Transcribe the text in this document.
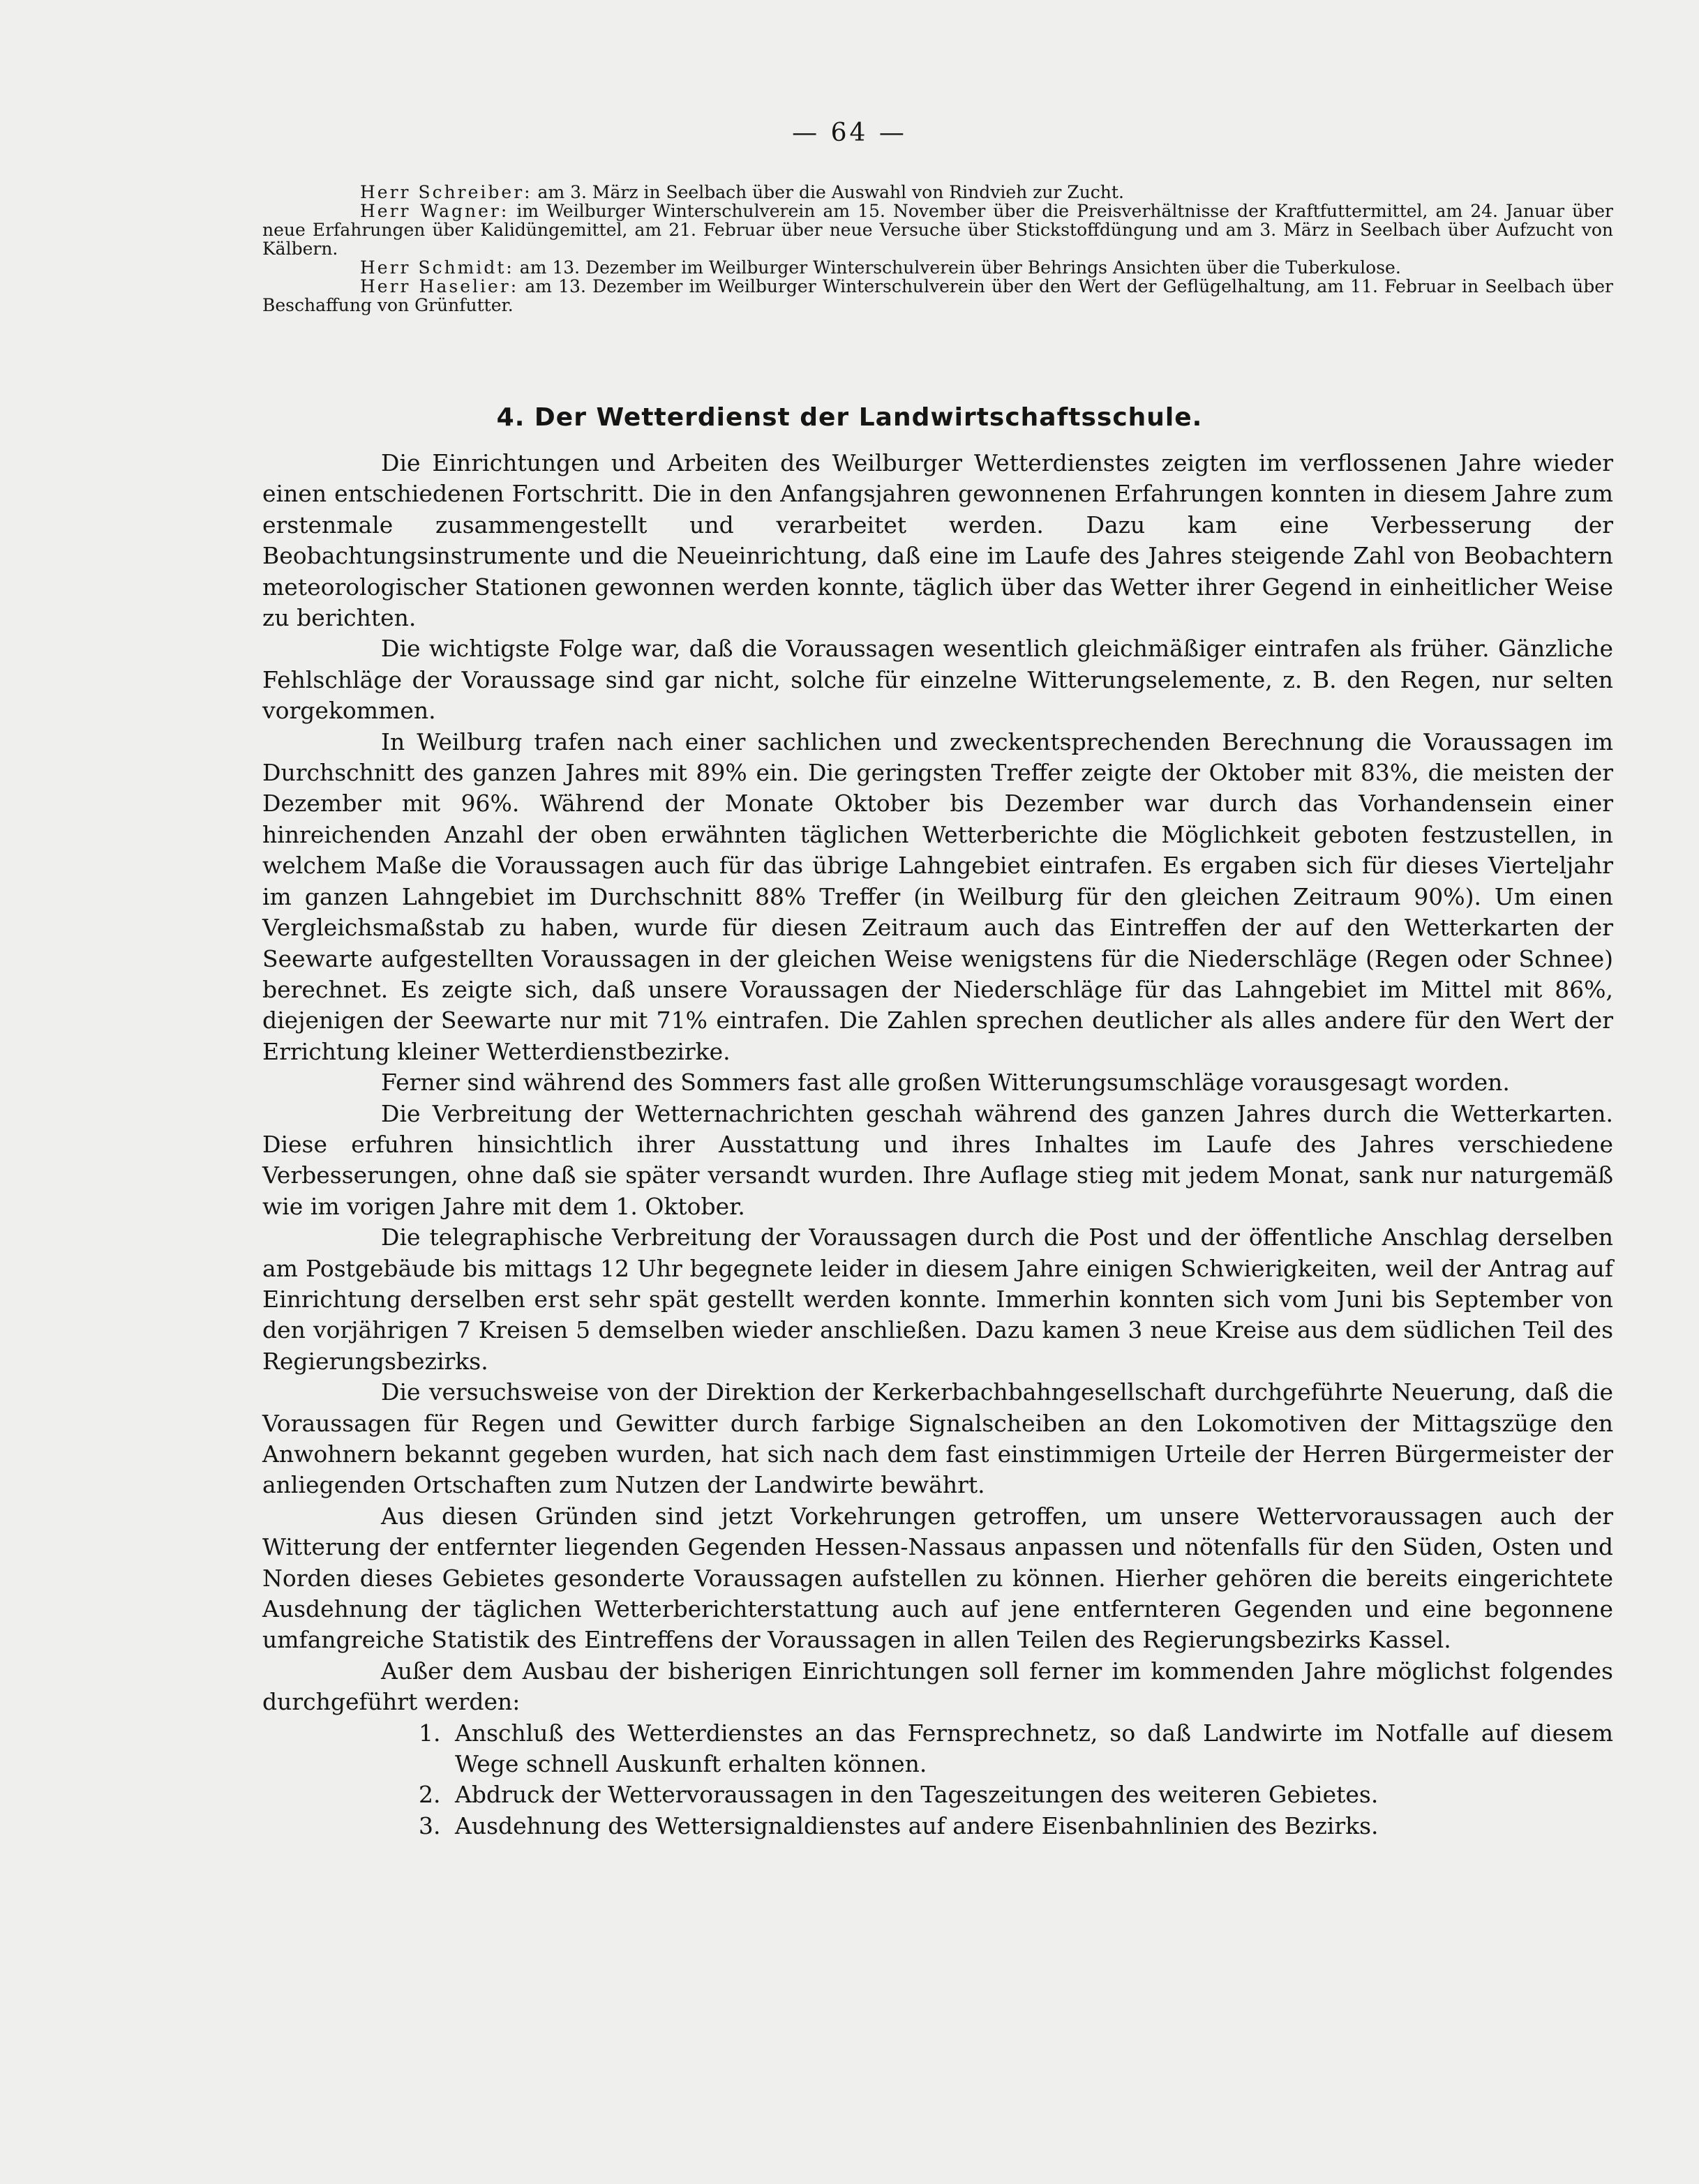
— 64 —

Herr Schreiber: am 3. März in Seelbach über die Auswahl von Rindvieh zur Zucht.

Herr Wagner: im Weilburger Winterschulverein am 15. November über die Preisverhältnisse der Kraftfuttermittel, am 24. Januar über neue Erfahrungen über Kalidüngemittel, am 21. Februar über neue Versuche über Stickstoffdüngung und am 3. März in Seelbach über Aufzucht von Kälbern.

Herr Schmidt: am 13. Dezember im Weilburger Winterschulverein über Behrings Ansichten über die Tuberkulose.

Herr Haselier: am 13. Dezember im Weilburger Winterschulverein über den Wert der Geflügelhaltung, am 11. Februar in Seelbach über Beschaffung von Grünfutter.

4. Der Wetterdienst der Landwirtschaftsschule.

Die Einrichtungen und Arbeiten des Weilburger Wetterdienstes zeigten im verflossenen Jahre wieder einen entschiedenen Fortschritt. Die in den Anfangsjahren gewonnenen Erfahrungen konnten in diesem Jahre zum erstenmale zusammengestellt und verarbeitet werden. Dazu kam eine Verbesserung der Beobachtungsinstrumente und die Neueinrichtung, daß eine im Laufe des Jahres steigende Zahl von Beobachtern meteorologischer Stationen gewonnen werden konnte, täglich über das Wetter ihrer Gegend in einheitlicher Weise zu berichten.

Die wichtigste Folge war, daß die Voraussagen wesentlich gleichmäßiger eintrafen als früher. Gänzliche Fehlschläge der Voraussage sind gar nicht, solche für einzelne Witterungselemente, z. B. den Regen, nur selten vorgekommen.

In Weilburg trafen nach einer sachlichen und zweckentsprechenden Berechnung die Voraussagen im Durchschnitt des ganzen Jahres mit 89% ein. Die geringsten Treffer zeigte der Oktober mit 83%, die meisten der Dezember mit 96%. Während der Monate Oktober bis Dezember war durch das Vorhandensein einer hinreichenden Anzahl der oben erwähnten täglichen Wetterberichte die Möglichkeit geboten festzustellen, in welchem Maße die Voraussagen auch für das übrige Lahngebiet eintrafen. Es ergaben sich für dieses Vierteljahr im ganzen Lahngebiet im Durchschnitt 88% Treffer (in Weilburg für den gleichen Zeitraum 90%). Um einen Vergleichsmaßstab zu haben, wurde für diesen Zeitraum auch das Eintreffen der auf den Wetterkarten der Seewarte aufgestellten Voraussagen in der gleichen Weise wenigstens für die Niederschläge (Regen oder Schnee) berechnet. Es zeigte sich, daß unsere Voraussagen der Niederschläge für das Lahngebiet im Mittel mit 86%, diejenigen der Seewarte nur mit 71% eintrafen. Die Zahlen sprechen deutlicher als alles andere für den Wert der Errichtung kleiner Wetterdienstbezirke.

Ferner sind während des Sommers fast alle großen Witterungsumschläge vorausgesagt worden.

Die Verbreitung der Wetternachrichten geschah während des ganzen Jahres durch die Wetterkarten. Diese erfuhren hinsichtlich ihrer Ausstattung und ihres Inhaltes im Laufe des Jahres verschiedene Verbesserungen, ohne daß sie später versandt wurden. Ihre Auflage stieg mit jedem Monat, sank nur naturgemäß wie im vorigen Jahre mit dem 1. Oktober.

Die telegraphische Verbreitung der Voraussagen durch die Post und der öffentliche Anschlag derselben am Postgebäude bis mittags 12 Uhr begegnete leider in diesem Jahre einigen Schwierigkeiten, weil der Antrag auf Einrichtung derselben erst sehr spät gestellt werden konnte. Immerhin konnten sich vom Juni bis September von den vorjährigen 7 Kreisen 5 demselben wieder anschließen. Dazu kamen 3 neue Kreise aus dem südlichen Teil des Regierungsbezirks.

Die versuchsweise von der Direktion der Kerkerbachbahngesellschaft durchgeführte Neuerung, daß die Voraussagen für Regen und Gewitter durch farbige Signalscheiben an den Lokomotiven der Mittagszüge den Anwohnern bekannt gegeben wurden, hat sich nach dem fast einstimmigen Urteile der Herren Bürgermeister der anliegenden Ortschaften zum Nutzen der Landwirte bewährt.

Aus diesen Gründen sind jetzt Vorkehrungen getroffen, um unsere Wettervoraussagen auch der Witterung der entfernter liegenden Gegenden Hessen-Nassaus anpassen und nötenfalls für den Süden, Osten und Norden dieses Gebietes gesonderte Voraussagen aufstellen zu können. Hierher gehören die bereits eingerichtete Ausdehnung der täglichen Wetterberichterstattung auch auf jene entfernteren Gegenden und eine begonnene umfangreiche Statistik des Eintreffens der Voraussagen in allen Teilen des Regierungsbezirks Kassel.

Außer dem Ausbau der bisherigen Einrichtungen soll ferner im kommenden Jahre möglichst folgendes durchgeführt werden:

1. Anschluß des Wetterdienstes an das Fernsprechnetz, so daß Landwirte im Notfalle auf diesem Wege schnell Auskunft erhalten können.
2. Abdruck der Wettervoraussagen in den Tageszeitungen des weiteren Gebietes.
3. Ausdehnung des Wettersignaldienstes auf andere Eisenbahnlinien des Bezirks.
